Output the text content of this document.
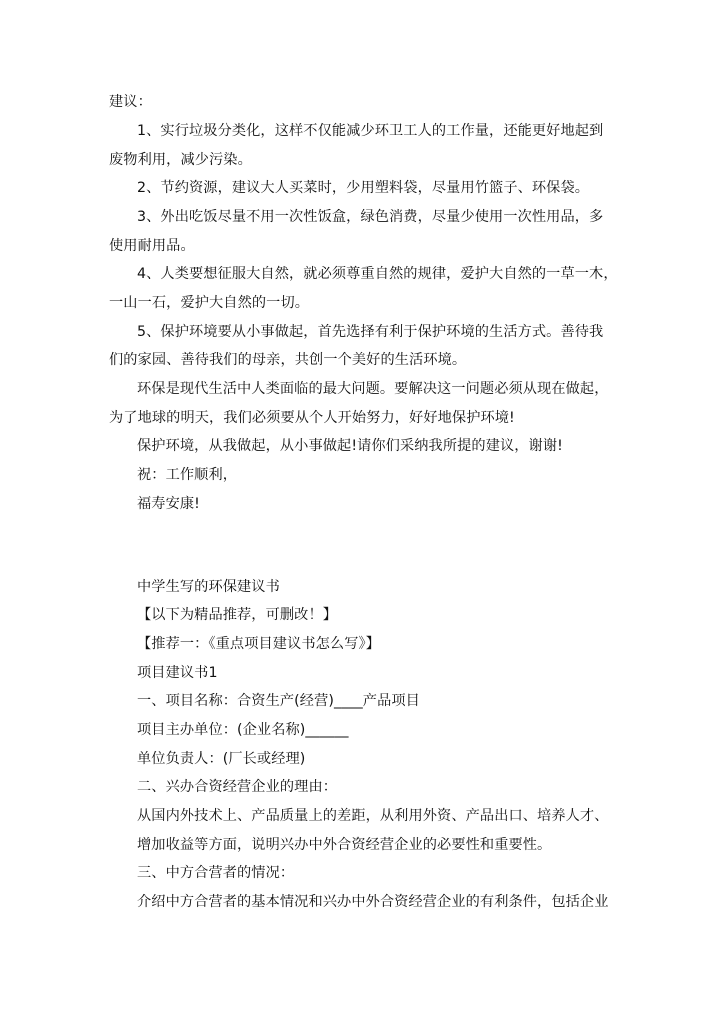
建议：
1、实行垃圾分类化，这样不仅能减少环卫工人的工作量，还能更好地起到
废物利用，减少污染。
2、节约资源，建议大人买菜时，少用塑料袋，尽量用竹篮子、环保袋。
3、外出吃饭尽量不用一次性饭盒，绿色消费，尽量少使用一次性用品，多
使用耐用品。
4、人类要想征服大自然，就必须尊重自然的规律，爱护大自然的一草一木，
一山一石，爱护大自然的一切。
5、保护环境要从小事做起，首先选择有利于保护环境的生活方式。善待我
们的家园、善待我们的母亲，共创一个美好的生活环境。
环保是现代生活中人类面临的最大问题。要解决这一问题必须从现在做起，
为了地球的明天，我们必须要从个人开始努力，好好地保护环境!
保护环境，从我做起，从小事做起!请你们采纳我所提的建议，谢谢!
祝：工作顺利，
福寿安康!
中学生写的环保建议书
【以下为精品推荐，可删改！】
【推荐一：《重点项目建议书怎么写》】
项目建议书1
一、项目名称：合资生产(经营)____产品项目
项目主办单位：(企业名称)______
单位负责人：(厂长或经理)
二、兴办合资经营企业的理由：
从国内外技术上、产品质量上的差距，从利用外资、产品出口、培养人才、
增加收益等方面，说明兴办中外合资经营企业的必要性和重要性。
三、中方合营者的情况：
介绍中方合营者的基本情况和兴办中外合资经营企业的有利条件，包括企业
